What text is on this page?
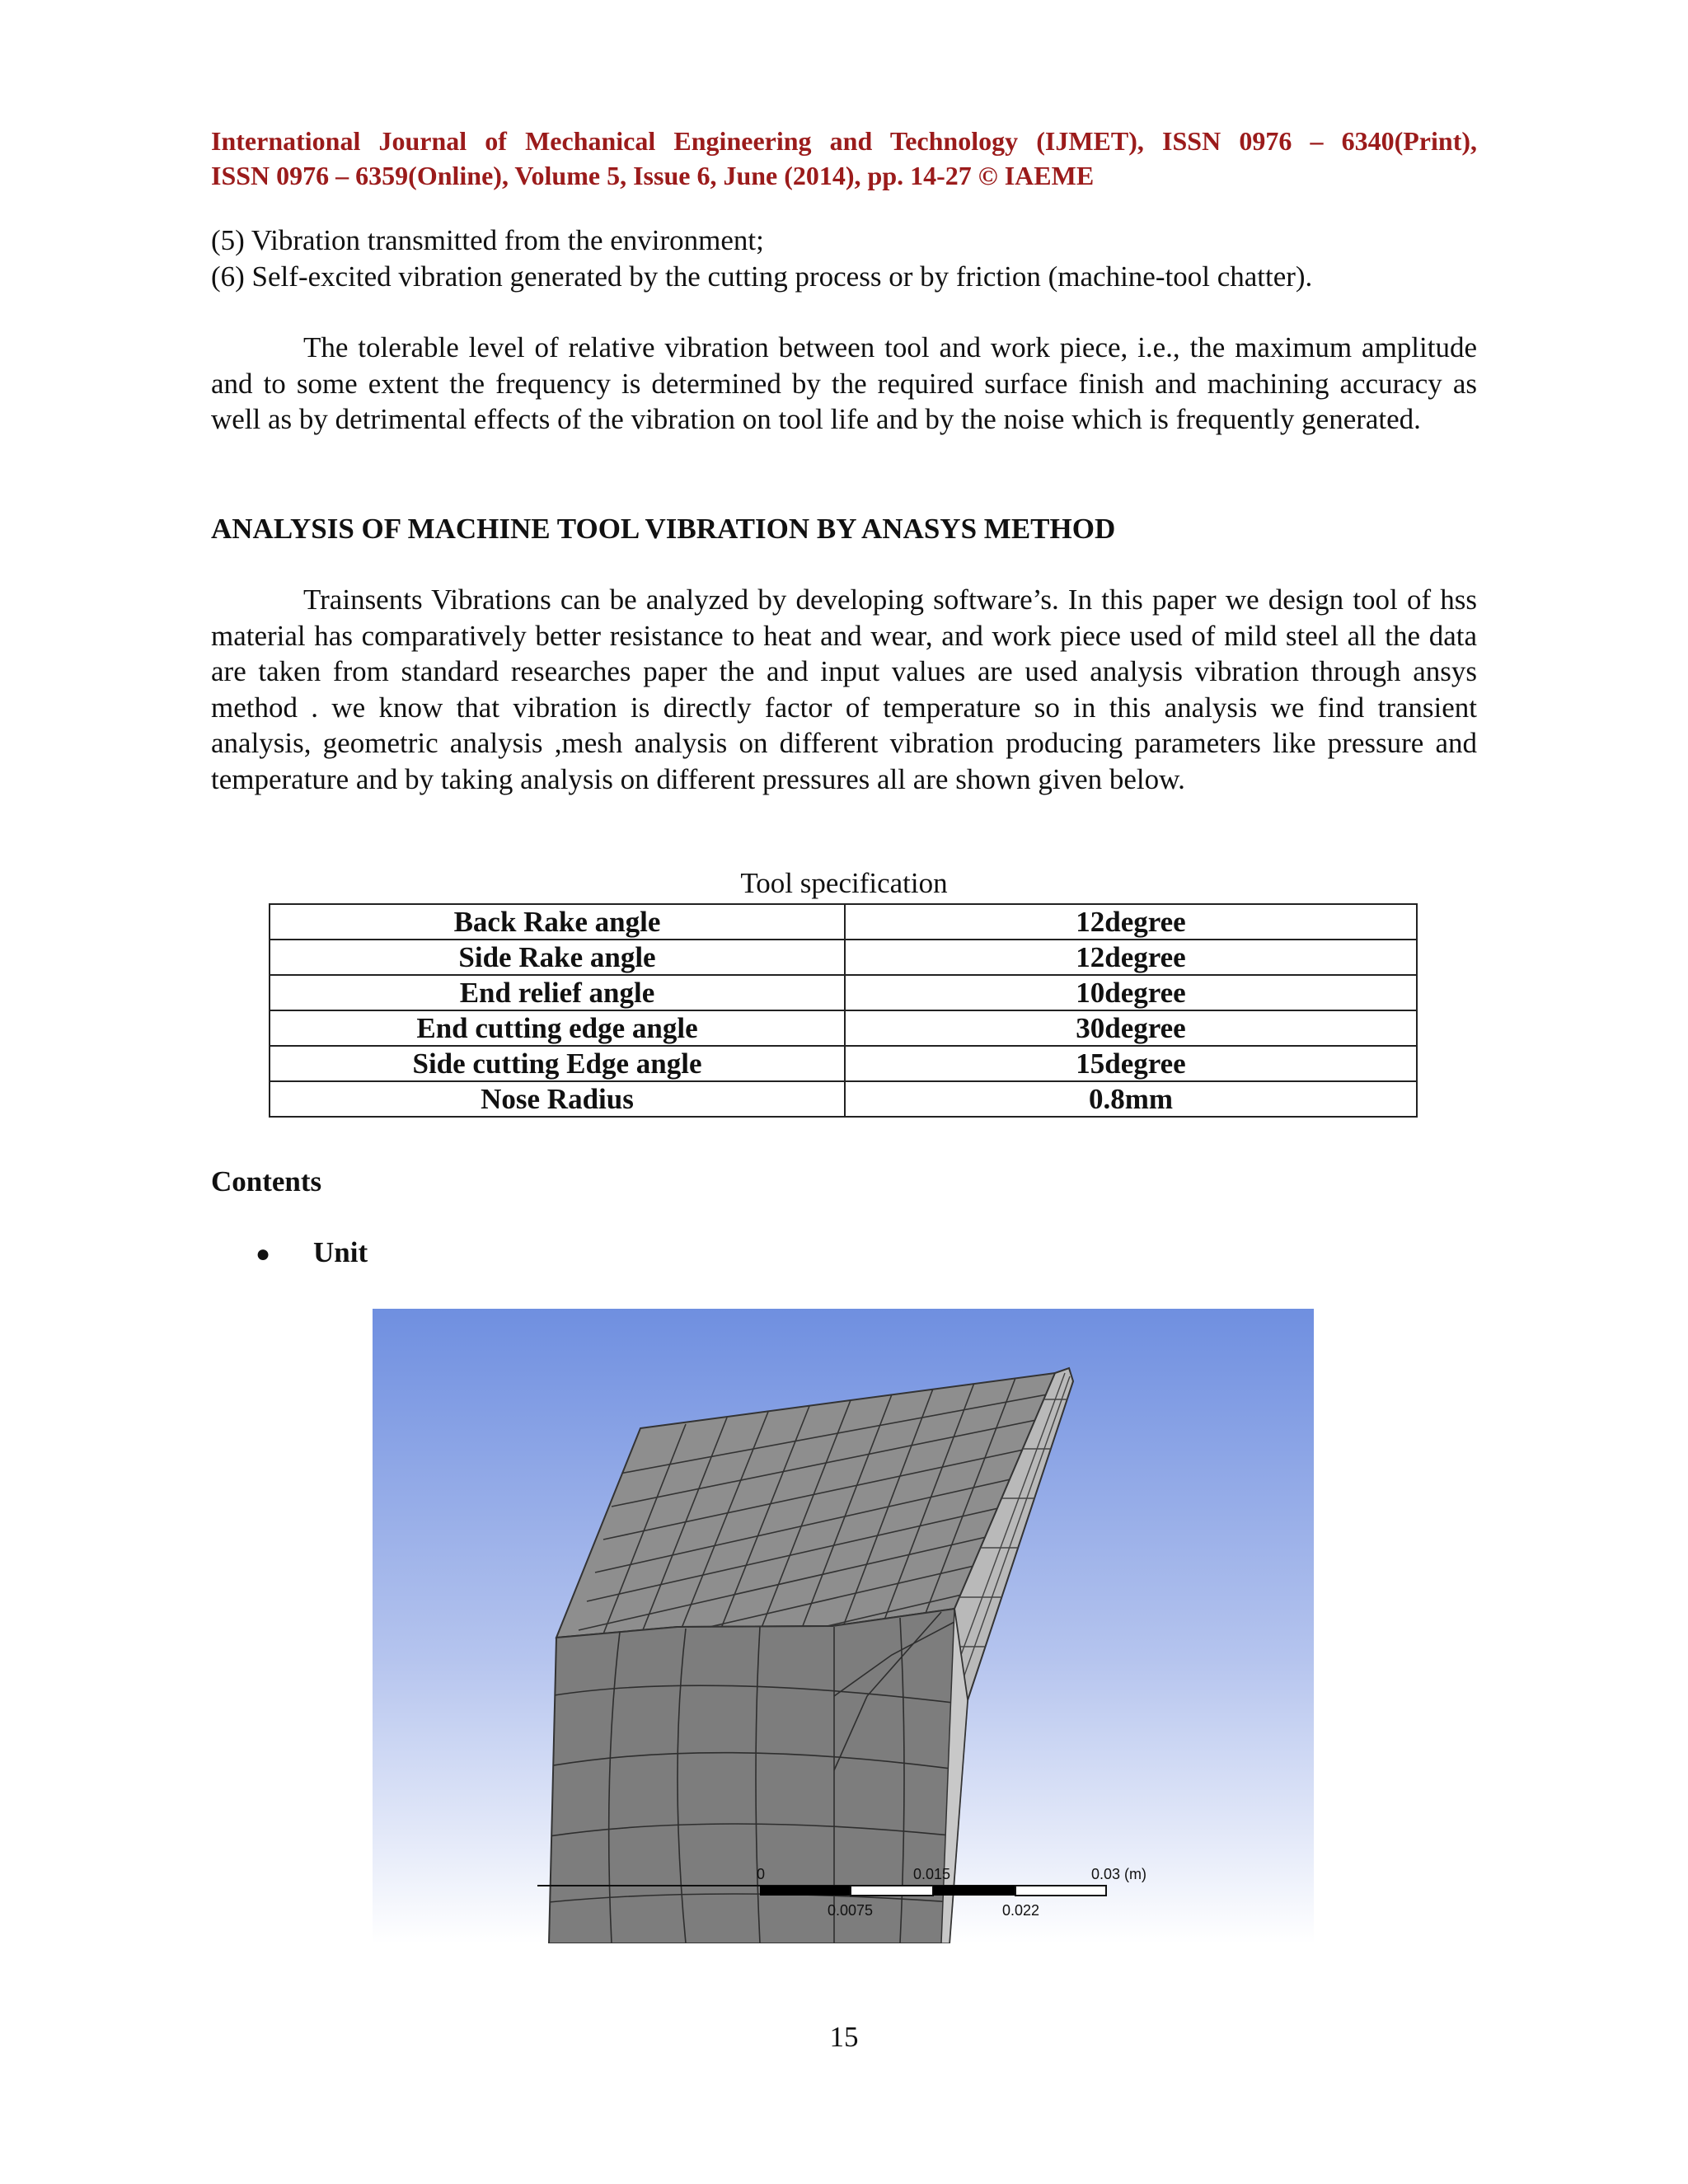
International Journal of Mechanical Engineering and Technology (IJMET), ISSN 0976 – 6340(Print),
ISSN 0976 – 6359(Online), Volume 5, Issue 6, June (2014), pp. 14-27 © IAEME
(5) Vibration transmitted from the environment;
(6) Self-excited vibration generated by the cutting process or by friction (machine-tool chatter).
The tolerable level of relative vibration between tool and work piece, i.e., the maximum amplitude and to some extent the frequency is determined by the required surface finish and machining accuracy as well as by detrimental effects of the vibration on tool life and by the noise which is frequently generated.
ANALYSIS OF MACHINE TOOL VIBRATION BY ANASYS METHOD
Trainsents Vibrations can be analyzed by developing software’s. In this paper we design tool of hss material has comparatively better resistance to heat and wear, and work piece used of mild steel all the data are taken from standard researches paper the and input values are used analysis vibration through ansys method . we know that vibration is directly factor of temperature so in this analysis we find transient analysis, geometric analysis ,mesh analysis on different vibration producing parameters like pressure and temperature and by taking analysis on different pressures all are shown given below.
Tool specification
Back Rake angle	12degree
Side Rake angle	12degree
End relief angle	10degree
End cutting edge angle	30degree
Side cutting Edge angle	15degree
Nose Radius	0.8mm
Contents
● Unit
0	0.015	0.03 (m)
0.0075	0.022
15
